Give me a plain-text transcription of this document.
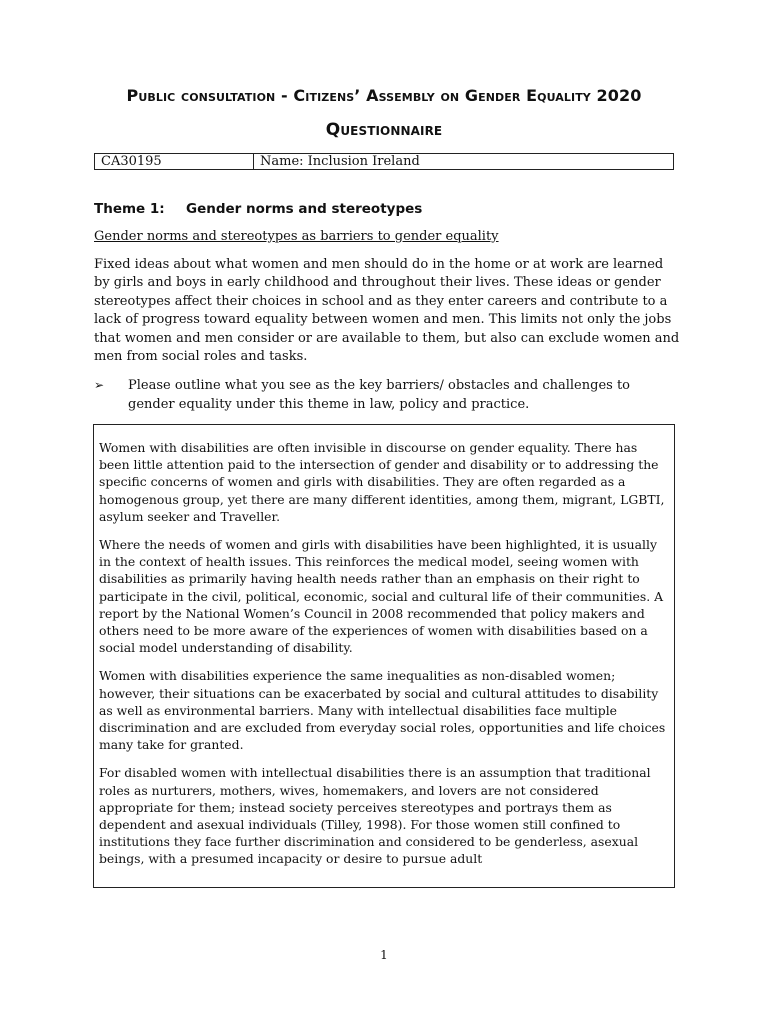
Public consultation - Citizens’ Assembly on Gender Equality 2020
Questionnaire
CA30195	Name: Inclusion Ireland
Theme 1: Gender norms and stereotypes
Gender norms and stereotypes as barriers to gender equality

Fixed ideas about what women and men should do in the home or at work are learned by girls and boys in early childhood and throughout their lives. These ideas or gender stereotypes affect their choices in school and as they enter careers and contribute to a lack of progress toward equality between women and men. This limits not only the jobs that women and men consider or are available to them, but also can exclude women and men from social roles and tasks.

➢	Please outline what you see as the key barriers/ obstacles and challenges to gender equality under this theme in law, policy and practice.

Women with disabilities are often invisible in discourse on gender equality. There has been little attention paid to the intersection of gender and disability or to addressing the specific concerns of women and girls with disabilities. They are often regarded as a homogenous group, yet there are many different identities, among them, migrant, LGBTI, asylum seeker and Traveller.

Where the needs of women and girls with disabilities have been highlighted, it is usually in the context of health issues. This reinforces the medical model, seeing women with disabilities as primarily having health needs rather than an emphasis on their right to participate in the civil, political, economic, social and cultural life of their communities. A report by the National Women’s Council in 2008 recommended that policy makers and others need to be more aware of the experiences of women with disabilities based on a social model understanding of disability.

Women with disabilities experience the same inequalities as non-disabled women; however, their situations can be exacerbated by social and cultural attitudes to disability as well as environmental barriers. Many with intellectual disabilities face multiple discrimination and are excluded from everyday social roles, opportunities and life choices many take for granted.

For disabled women with intellectual disabilities there is an assumption that traditional roles as nurturers, mothers, wives, homemakers, and lovers are not considered appropriate for them; instead society perceives stereotypes and portrays them as dependent and asexual individuals (Tilley, 1998). For those women still confined to institutions they face further discrimination and considered to be genderless, asexual beings, with a presumed incapacity or desire to pursue adult

1
